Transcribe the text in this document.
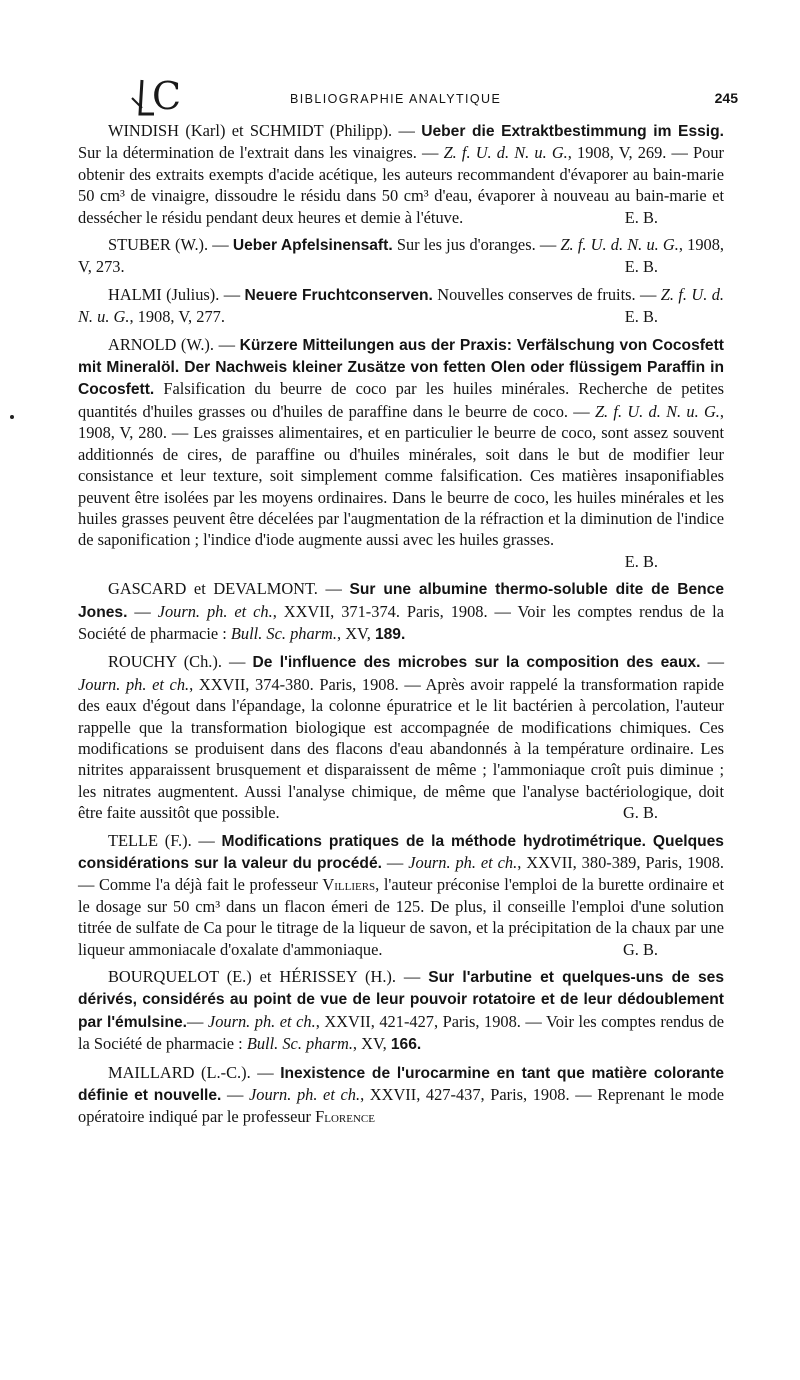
C	BIBLIOGRAPHIE ANALYTIQUE	245

WINDISH (Karl) et SCHMIDT (Philipp). — Ueber die Extraktbestimmung im Essig. Sur la détermination de l'extrait dans les vinaigres. — Z. f. U. d. N. u. G., 1908, V, 269. — Pour obtenir des extraits exempts d'acide acétique, les auteurs recommandent d'évaporer au bain-marie 50 cm³ de vinaigre, dissoudre le résidu dans 50 cm³ d'eau, évaporer à nouveau au bain-marie et dessécher le résidu pendant deux heures et demie à l'étuve.	E. B.

STUBER (W.). — Ueber Apfelsinensaft. Sur les jus d'oranges. — Z. f. U. d. N. u. G., 1908, V, 273.	E. B.

HALMI (Julius). — Neuere Fruchtconserven. Nouvelles conserves de fruits. — Z. f. U. d. N. u. G., 1908, V, 277.	E. B.

ARNOLD (W.). — Kürzere Mitteilungen aus der Praxis: Verfälschung von Cocosfett mit Mineralöl. Der Nachweis kleiner Zusätze von fetten Olen oder flüssigem Paraffin in Cocosfett. Falsification du beurre de coco par les huiles minérales. Recherche de petites quantités d'huiles grasses ou d'huiles de paraffine dans le beurre de coco. — Z. f. U. d. N. u. G., 1908, V, 280. — Les graisses alimentaires, et en particulier le beurre de coco, sont assez souvent additionnés de cires, de paraffine ou d'huiles minérales, soit dans le but de modifier leur consistance et leur texture, soit simplement comme falsification. Ces matières insaponifiables peuvent être isolées par les moyens ordinaires. Dans le beurre de coco, les huiles minérales et les huiles grasses peuvent être décelées par l'augmentation de la réfraction et la diminution de l'indice de saponification ; l'indice d'iode augmente aussi avec les huiles grasses.
E. B.

GASCARD et DEVALMONT. — Sur une albumine thermo-soluble dite de Bence Jones. — Journ. ph. et ch., XXVII, 371-374. Paris, 1908. — Voir les comptes rendus de la Société de pharmacie : Bull. Sc. pharm., XV, 189.

ROUCHY (Ch.). — De l'influence des microbes sur la composition des eaux. — Journ. ph. et ch., XXVII, 374-380. Paris, 1908. — Après avoir rappelé la transformation rapide des eaux d'égout dans l'épandage, la colonne épuratrice et le lit bactérien à percolation, l'auteur rappelle que la transformation biologique est accompagnée de modifications chimiques. Ces modifications se produisent dans des flacons d'eau abandonnés à la température ordinaire. Les nitrites apparaissent brusquement et disparaissent de même ; l'ammoniaque croît puis diminue ; les nitrates augmentent. Aussi l'analyse chimique, de même que l'analyse bactériologique, doit être faite aussitôt que possible.	G. B.

TELLE (F.). — Modifications pratiques de la méthode hydrotimétrique. Quelques considérations sur la valeur du procédé. — Journ. ph. et ch., XXVII, 380-389, Paris, 1908. — Comme l'a déjà fait le professeur Villiers, l'auteur préconise l'emploi de la burette ordinaire et le dosage sur 50 cm³ dans un flacon émeri de 125. De plus, il conseille l'emploi d'une solution titrée de sulfate de Ca pour le titrage de la liqueur de savon, et la précipitation de la chaux par une liqueur ammoniacale d'oxalate d'ammoniaque.	G. B.

BOURQUELOT (E.) et HÉRISSEY (H.). — Sur l'arbutine et quelques-uns de ses dérivés, considérés au point de vue de leur pouvoir rotatoire et de leur dédoublement par l'émulsine.— Journ. ph. et ch., XXVII, 421-427, Paris, 1908. — Voir les comptes rendus de la Société de pharmacie : Bull. Sc. pharm., XV, 166.

MAILLARD (L.-C.). — Inexistence de l'urocarmine en tant que matière colorante définie et nouvelle. — Journ. ph. et ch., XXVII, 427-437, Paris, 1908. — Reprenant le mode opératoire indiqué par le professeur Florence
